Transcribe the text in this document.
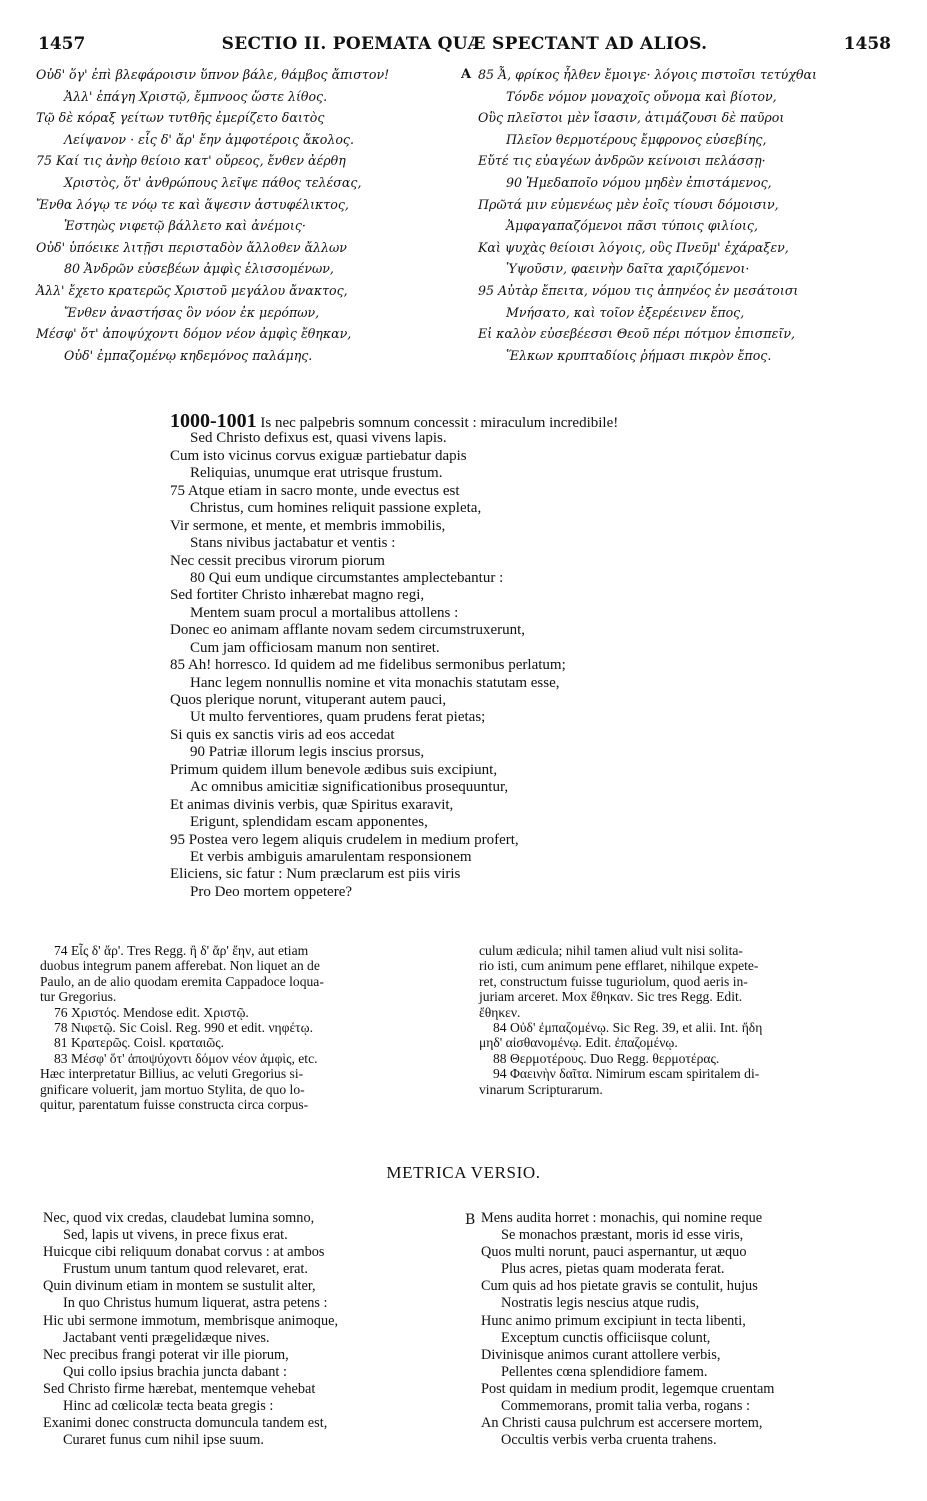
SECTIO II. POEMATA QUÆ SPECTANT AD ALIOS.
1457	1458
Οὐδ' ὅγ' ἐπὶ βλεφάροισιν ὕπνον βάλε, θάμβος ἄπιστον!
Ἀλλ' ἐπάγη Χριστῷ, ἔμπνοος ὥστε λίθος.
Τῷ δὲ κόραξ γείτων τυτθῆς ἐμερίζετο δαιτὸς
Λείψανον · εἷς δ' ἄρ' ἔην ἀμφοτέροις ἄκολος.
75 Καί τις ἀνὴρ θείοιο κατ' οὔρεος, ἔνθεν ἀέρθη
Χριστὸς, ὅτ' ἀνθρώπους λεῖψε πάθος τελέσας,
Ἔνθα λόγῳ τε νόῳ τε καὶ ἅψεσιν ἀστυφέλικτος,
Ἑστηὼς νιφετῷ βάλλετο καὶ ἀνέμοις·
Οὐδ' ὑπόεικε λιτῇσι περισταδὸν ἄλλοθεν ἄλλων
80 Ἀνδρῶν εὐσεβέων ἀμφὶς ἑλισσομένων,
Ἀλλ' ἔχετο κρατερῶς Χριστοῦ μεγάλου ἄνακτος,
Ἔνθεν ἀναστήσας ὃν νόον ἐκ μερόπων,
Μέσφ' ὅτ' ἀποψύχοντι δόμον νέον ἀμφὶς ἔθηκαν,
Οὐδ' ἐμπαζομένῳ κηδεμόνος παλάμης.
A 85 Ἆ, φρίκος ἦλθεν ἔμοιγε· λόγοις πιστοῖσι τετύχθαι
Τόνδε νόμον μοναχοῖς οὔνομα καὶ βίοτον,
Οὓς πλεῖστοι μὲν ἴσασιν, ἀτιμάζουσι δὲ παῦροι
Πλεῖον θερμοτέρους ἔμφρονος εὐσεβίης,
Εὔτέ τις εὐαγέων ἀνδρῶν κείνοισι πελάσσῃ·
90 Ἠμεδαποῖο νόμου μηδὲν ἐπιστάμενος,
Πρῶτά μιν εὐμενέως μὲν ἑοῖς τίουσι δόμοισιν,
Ἀμφαγαπαζόμενοι πᾶσι τύποις φιλίοις,
Καὶ ψυχὰς θείοισι λόγοις, οὓς Πνεῦμ' ἐχάραξεν,
Ὑψοῦσιν, φαεινὴν δαῖτα χαριζόμενοι·
95 Αὐτὰρ ἔπειτα, νόμου τις ἀπηνέος ἐν μεσάτοισι
Μνήσατο, καὶ τοῖον ἐξερέεινεν ἔπος,
Εἰ καλὸν εὐσεβέεσσι Θεοῦ πέρι πότμον ἐπισπεῖν,
Ἕλκων κρυπταδίοις ῥήμασι πικρὸν ἔπος.
1000-1001 Is nec palpebris somnum concessit : miraculum incredibile!
Sed Christo defixus est, quasi vivens lapis.
Cum isto vicinus corvus exiguæ partiebatur dapis
Reliquias, unumque erat utrisque frustum.
75 Atque etiam in sacro monte, unde evectus est
Christus, cum homines reliquit passione expleta,
Vir sermone, et mente, et membris immobilis,
Stans nivibus jactabatur et ventis :
Nec cessit precibus virorum piorum
80 Qui eum undique circumstantes amplectebantur :
Sed fortiter Christo inhærebat magno regi,
Mentem suam procul a mortalibus attollens :
Donec eo animam afflante novam sedem circumstruxerunt,
Cum jam officiosam manum non sentiret.
85 Ah! horresco. Id quidem ad me fidelibus sermonibus perlatum;
Hanc legem nonnullis nomine et vita monachis statutam esse,
Quos plerique norunt, vituperant autem pauci,
Ut multo ferventiores, quam prudens ferat pietas;
Si quis ex sanctis viris ad eos accedat
90 Patriæ illorum legis inscius prorsus,
Primum quidem illum benevole ædibus suis excipiunt,
Ac omnibus amicitiæ significationibus prosequuntur,
Et animas divinis verbis, quæ Spiritus exaravit,
Erigunt, splendidam escam apponentes,
95 Postea vero legem aliquis crudelem in medium profert,
Et verbis ambiguis amarulentam responsionem
Eliciens, sic fatur : Num præclarum est piis viris
Pro Deo mortem oppetere?
74 Εἷς δ' ἄρ'. Tres Regg. ἢ δ' ἄρ' ἔην, aut etiam
duobus integrum panem afferebat. Non liquet an de
Paulo, an de alio quodam eremita Cappadoce loqua-
tur Gregorius.
76 Χριστός. Mendose edit. Χριστῷ.
78 Νιφετῷ. Sic Coisl. Reg. 990 et edit. νηφέτῳ.
81 Κρατερῶς. Coisl. κραταιῶς.
83 Μέσφ' ὅτ' ἀποψύχοντι δόμον νέον ἀμφὶς, etc.
Hæc interpretatur Billius, ac veluti Gregorius si-
gnificare voluerit, jam mortuo Stylita, de quo lo-
quitur, parentatum fuisse constructa circa corpus-
culum ædicula; nihil tamen aliud vult nisi solita-
rio isti, cum animum pene efflaret, nihilque expete-
ret, constructum fuisse tuguriolum, quod aeris in-
juriam arceret. Mox ἔθηκαν. Sic tres Regg. Edit.
ἔθηκεν.
84 Οὐδ' ἐμπαζομένῳ. Sic Reg. 39, et alii. Int. ἤδη
μηδ' αἰσθανομένῳ. Edit. ἐπαζομένῳ.
88 Θερμοτέρους. Duo Regg. θερμοτέρας.
94 Φαεινὴν δαῖτα. Nimirum escam spiritalem di-
vinarum Scripturarum.
METRICA VERSIO.
Nec, quod vix credas, claudebat lumina somno,
Sed, lapis ut vivens, in prece fixus erat.
Huicque cibi reliquum donabat corvus : at ambos
Frustum unum tantum quod relevaret, erat.
Quin divinum etiam in montem se sustulit alter,
In quo Christus humum liquerat, astra petens :
Hic ubi sermone immotum, membrisque animoque,
Jactabant venti prægelidæque nives.
Nec precibus frangi poterat vir ille piorum,
Qui collo ipsius brachia juncta dabant :
Sed Christo firme hærebat, mentemque vehebat
Hinc ad cœlicolæ tecta beata gregis :
Exanimi donec constructa domuncula tandem est,
Curaret funus cum nihil ipse suum.
B Mens audita horret : monachis, qui nomine reque
Se monachos præstant, moris id esse viris,
Quos multi norunt, pauci aspernantur, ut æquo
Plus acres, pietas quam moderata ferat.
Cum quis ad hos pietate gravis se contulit, hujus
Nostratis legis nescius atque rudis,
Hunc animo primum excipiunt in tecta libenti,
Exceptum cunctis officiisque colunt,
Divinisque animos curant attollere verbis,
Pellentes cœna splendidiore famem.
Post quidam in medium prodit, legemque cruentam
Commemorans, promit talia verba, rogans :
An Christi causa pulchrum est accersere mortem,
Occultis verbis verba cruenta trahens.
